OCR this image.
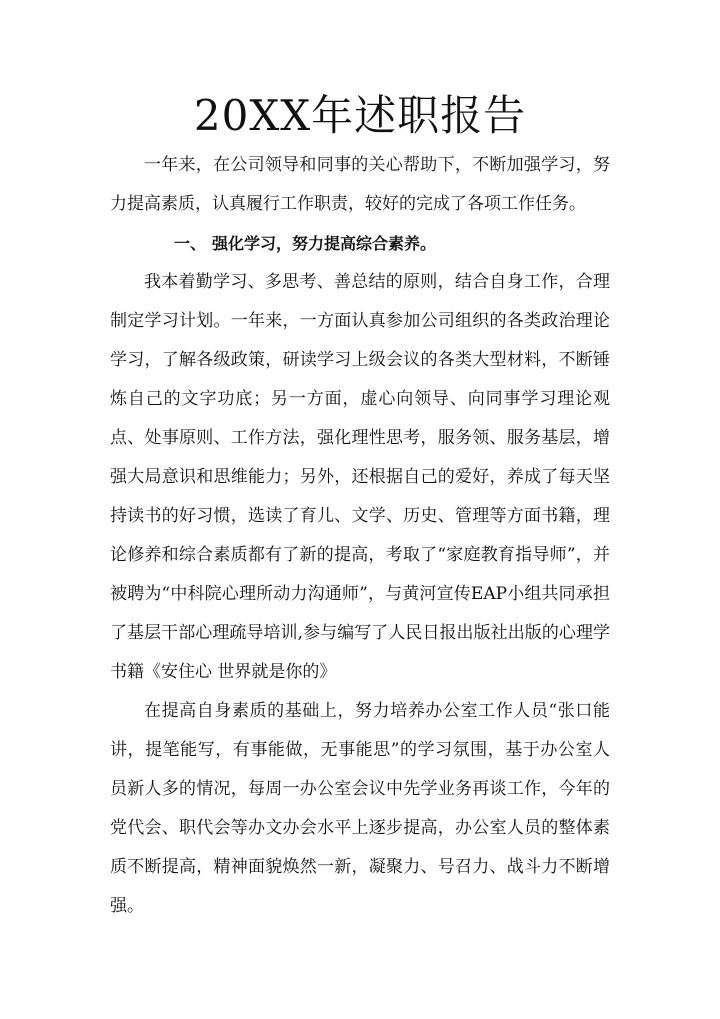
20XX年述职报告

一年来，在公司领导和同事的关心帮助下，不断加强学习，努力提高素质，认真履行工作职责，较好的完成了各项工作任务。

一、 强化学习，努力提高综合素养。

我本着勤学习、多思考、善总结的原则，结合自身工作，合理制定学习计划。一年来，一方面认真参加公司组织的各类政治理论学习，了解各级政策，研读学习上级会议的各类大型材料，不断锤炼自己的文字功底；另一方面，虚心向领导、向同事学习理论观点、处事原则、工作方法，强化理性思考，服务领、服务基层，增强大局意识和思维能力；另外，还根据自己的爱好，养成了每天坚持读书的好习惯，选读了育儿、文学、历史、管理等方面书籍，理论修养和综合素质都有了新的提高，考取了“家庭教育指导师”，并被聘为“中科院心理所动力沟通师”，与黄河宣传EAP小组共同承担了基层干部心理疏导培训,参与编写了人民日报出版社出版的心理学书籍《安住心 世界就是你的》

在提高自身素质的基础上，努力培养办公室工作人员“张口能讲，提笔能写，有事能做，无事能思”的学习氛围，基于办公室人员新人多的情况，每周一办公室会议中先学业务再谈工作，今年的党代会、职代会等办文办会水平上逐步提高，办公室人员的整体素质不断提高，精神面貌焕然一新，凝聚力、号召力、战斗力不断增强。
